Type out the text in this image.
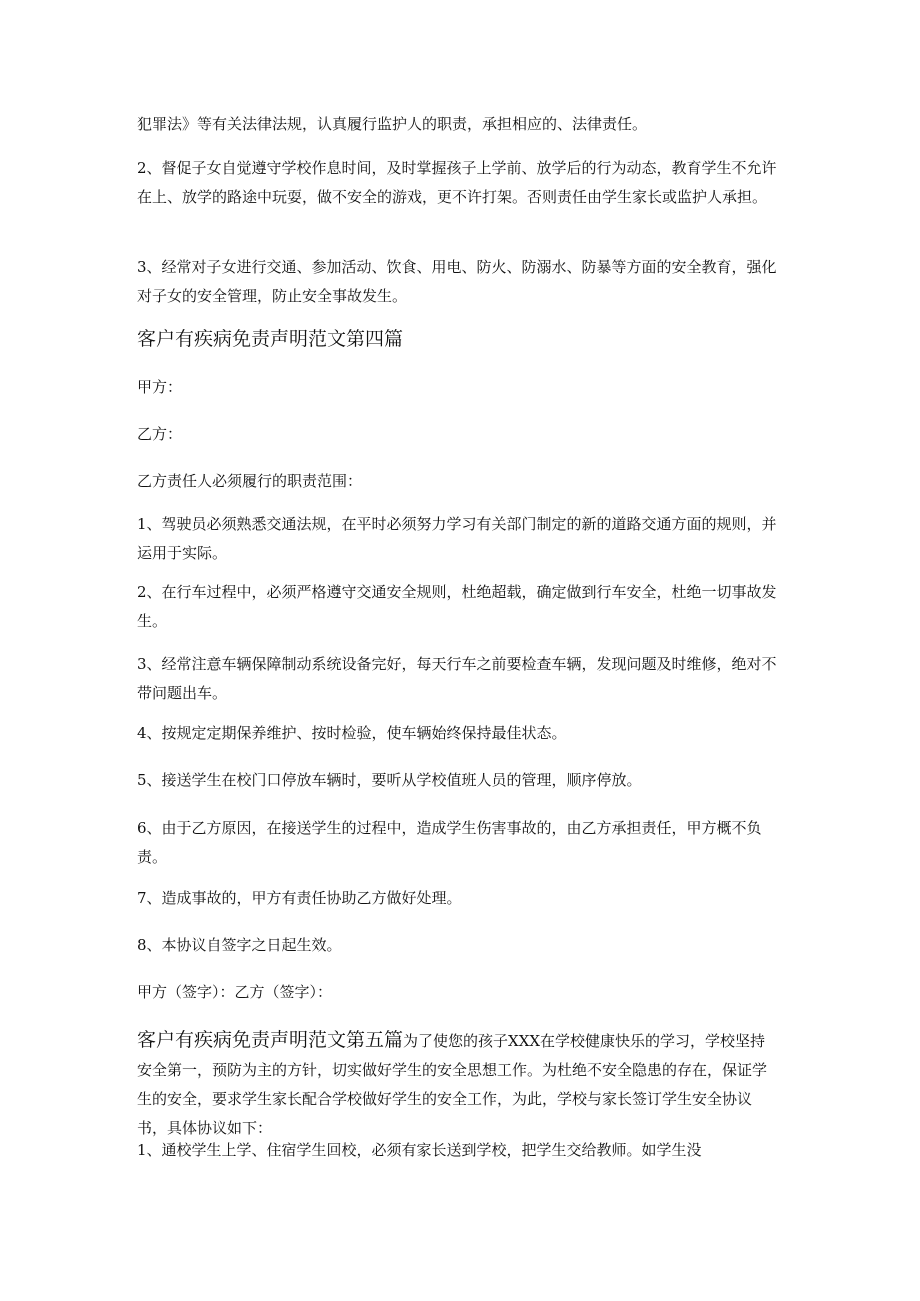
犯罪法》等有关法律法规，认真履行监护人的职责，承担相应的、法律责任。

2、督促子女自觉遵守学校作息时间，及时掌握孩子上学前、放学后的行为动态，教育学生不允许在上、放学的路途中玩耍，做不安全的游戏，更不许打架。否则责任由学生家长或监护人承担。

3、经常对子女进行交通、参加活动、饮食、用电、防火、防溺水、防暴等方面的安全教育，强化对子女的安全管理，防止安全事故发生。

客户有疾病免责声明范文第四篇

甲方：

乙方：

乙方责任人必须履行的职责范围：

1、驾驶员必须熟悉交通法规，在平时必须努力学习有关部门制定的新的道路交通方面的规则，并运用于实际。

2、在行车过程中，必须严格遵守交通安全规则，杜绝超载，确定做到行车安全，杜绝一切事故发生。

3、经常注意车辆保障制动系统设备完好，每天行车之前要检查车辆，发现问题及时维修，绝对不带问题出车。

4、按规定定期保养维护、按时检验，使车辆始终保持最佳状态。

5、接送学生在校门口停放车辆时，要听从学校值班人员的管理，顺序停放。

6、由于乙方原因，在接送学生的过程中，造成学生伤害事故的，由乙方承担责任，甲方概不负责。

7、造成事故的，甲方有责任协助乙方做好处理。

8、本协议自签字之日起生效。

甲方（签字）：乙方（签字）：

客户有疾病免责声明范文第五篇为了使您的孩子XXX在学校健康快乐的学习，学校坚持安全第一，预防为主的方针，切实做好学生的安全思想工作。为杜绝不安全隐患的存在，保证学生的安全，要求学生家长配合学校做好学生的安全工作，为此，学校与家长签订学生安全协议书，具体协议如下：

1、通校学生上学、住宿学生回校，必须有家长送到学校，把学生交给教师。如学生没
